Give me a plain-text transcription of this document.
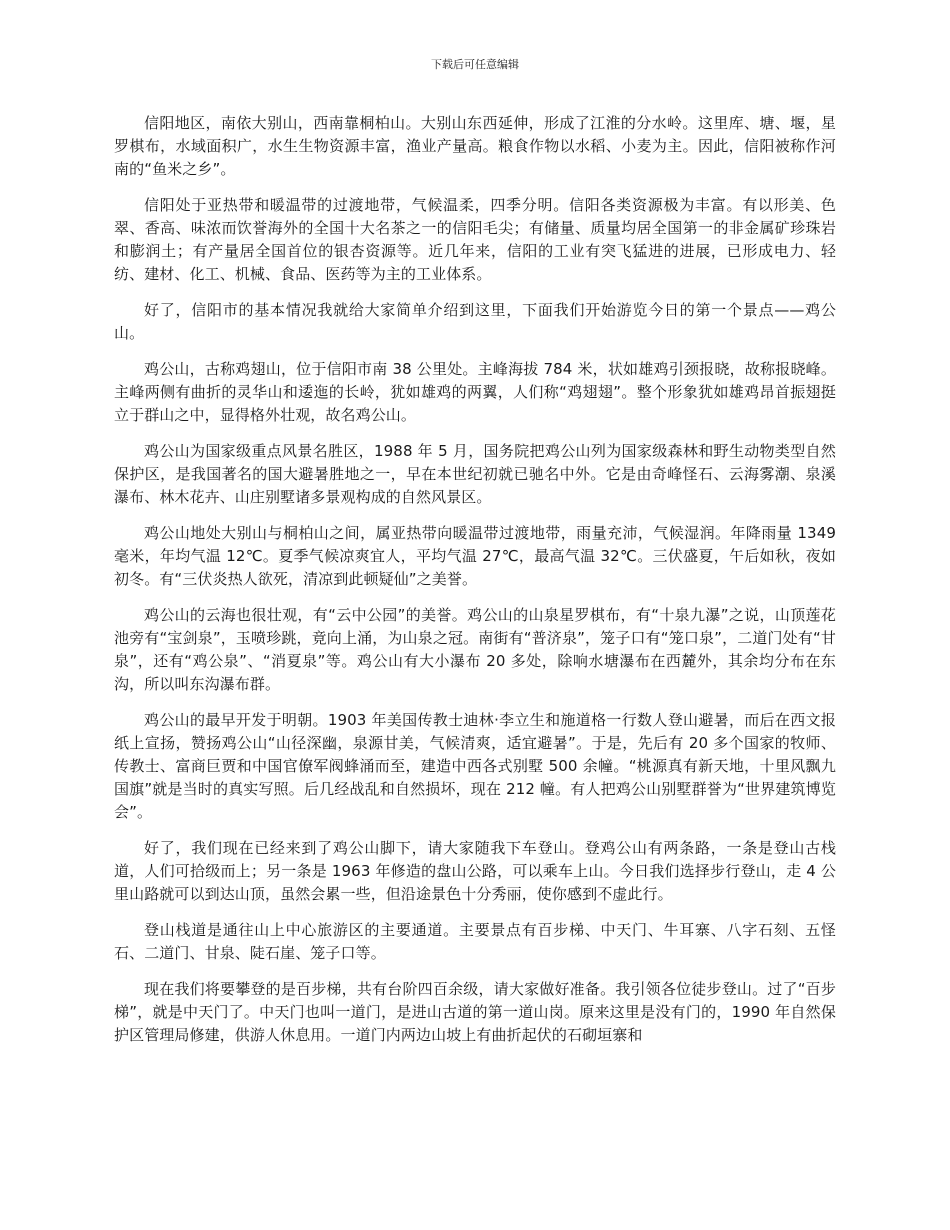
下载后可任意编辑

信阳地区，南依大别山，西南靠桐柏山。大别山东西延伸，形成了江淮的分水岭。这里库、塘、堰，星罗棋布，水域面积广，水生生物资源丰富，渔业产量高。粮食作物以水稻、小麦为主。因此，信阳被称作河南的“鱼米之乡”。

信阳处于亚热带和暖温带的过渡地带，气候温柔，四季分明。信阳各类资源极为丰富。有以形美、色翠、香高、味浓而饮誉海外的全国十大名茶之一的信阳毛尖；有储量、质量均居全国第一的非金属矿珍珠岩和膨润土；有产量居全国首位的银杏资源等。近几年来，信阳的工业有突飞猛进的进展，已形成电力、轻纺、建材、化工、机械、食品、医药等为主的工业体系。

好了，信阳市的基本情况我就给大家简单介绍到这里，下面我们开始游览今日的第一个景点——鸡公山。

鸡公山，古称鸡翅山，位于信阳市南 38 公里处。主峰海拔 784 米，状如雄鸡引颈报晓，故称报晓峰。主峰两侧有曲折的灵华山和逶迤的长岭，犹如雄鸡的两翼，人们称“鸡翅翅”。整个形象犹如雄鸡昂首振翅挺立于群山之中，显得格外壮观，故名鸡公山。

鸡公山为国家级重点风景名胜区，1988 年 5 月，国务院把鸡公山列为国家级森林和野生动物类型自然保护区，是我国著名的国大避暑胜地之一，早在本世纪初就已驰名中外。它是由奇峰怪石、云海雾潮、泉溪瀑布、林木花卉、山庄别墅诸多景观构成的自然风景区。

鸡公山地处大别山与桐柏山之间，属亚热带向暖温带过渡地带，雨量充沛，气候湿润。年降雨量 1349 毫米，年均气温 12℃。夏季气候凉爽宜人，平均气温 27℃，最高气温 32℃。三伏盛夏，午后如秋，夜如初冬。有“三伏炎热人欲死，清凉到此顿疑仙”之美誉。

鸡公山的云海也很壮观，有“云中公园”的美誉。鸡公山的山泉星罗棋布，有“十泉九瀑”之说，山顶莲花池旁有“宝剑泉”，玉喷珍跳，竟向上涌，为山泉之冠。南街有“普济泉”，笼子口有“笼口泉”，二道门处有“甘泉”，还有“鸡公泉”、“消夏泉”等。鸡公山有大小瀑布 20 多处，除响水塘瀑布在西麓外，其余均分布在东沟，所以叫东沟瀑布群。

鸡公山的最早开发于明朝。1903 年美国传教士迪林·李立生和施道格一行数人登山避暑，而后在西文报纸上宣扬，赞扬鸡公山“山径深幽，泉源甘美，气候清爽，适宜避暑”。于是，先后有 20 多个国家的牧师、传教士、富商巨贾和中国官僚军阀蜂涌而至，建造中西各式别墅 500 余幢。“桃源真有新天地，十里风飘九国旗”就是当时的真实写照。后几经战乱和自然损坏，现在 212 幢。有人把鸡公山别墅群誉为“世界建筑博览会”。

好了，我们现在已经来到了鸡公山脚下，请大家随我下车登山。登鸡公山有两条路，一条是登山古栈道，人们可拾级而上；另一条是 1963 年修造的盘山公路，可以乘车上山。今日我们选择步行登山，走 4 公里山路就可以到达山顶，虽然会累一些，但沿途景色十分秀丽，使你感到不虚此行。

登山栈道是通往山上中心旅游区的主要通道。主要景点有百步梯、中天门、牛耳寨、八字石刻、五怪石、二道门、甘泉、陡石崖、笼子口等。

现在我们将要攀登的是百步梯，共有台阶四百余级，请大家做好准备。我引领各位徒步登山。过了“百步梯”，就是中天门了。中天门也叫一道门，是进山古道的第一道山岗。原来这里是没有门的，1990 年自然保护区管理局修建，供游人休息用。一道门内两边山坡上有曲折起伏的石砌垣寨和
